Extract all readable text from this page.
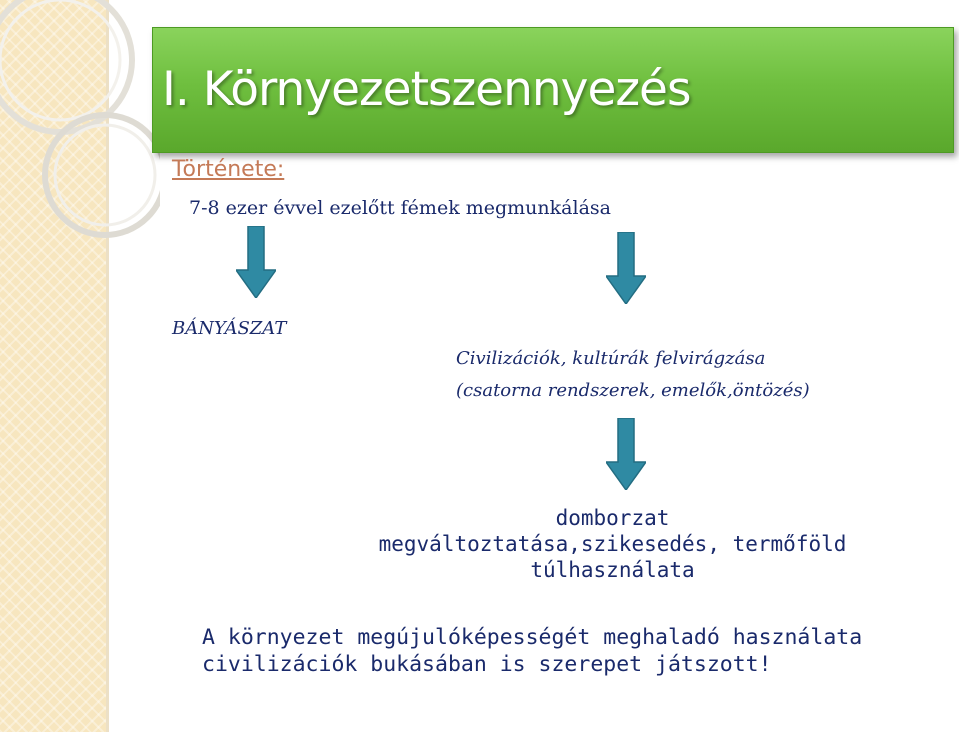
I. Környezetszennyezés
Története:
7-8 ezer évvel ezelőtt fémek megmunkálása
BÁNYÁSZAT
Civilizációk, kultúrák felvirágzása
(csatorna rendszerek, emelők,öntözés)
domborzat
megváltoztatása,szikesedés, termőföld
túlhasználata
A környezet megújulóképességét meghaladó használata
civilizációk bukásában is szerepet játszott!
